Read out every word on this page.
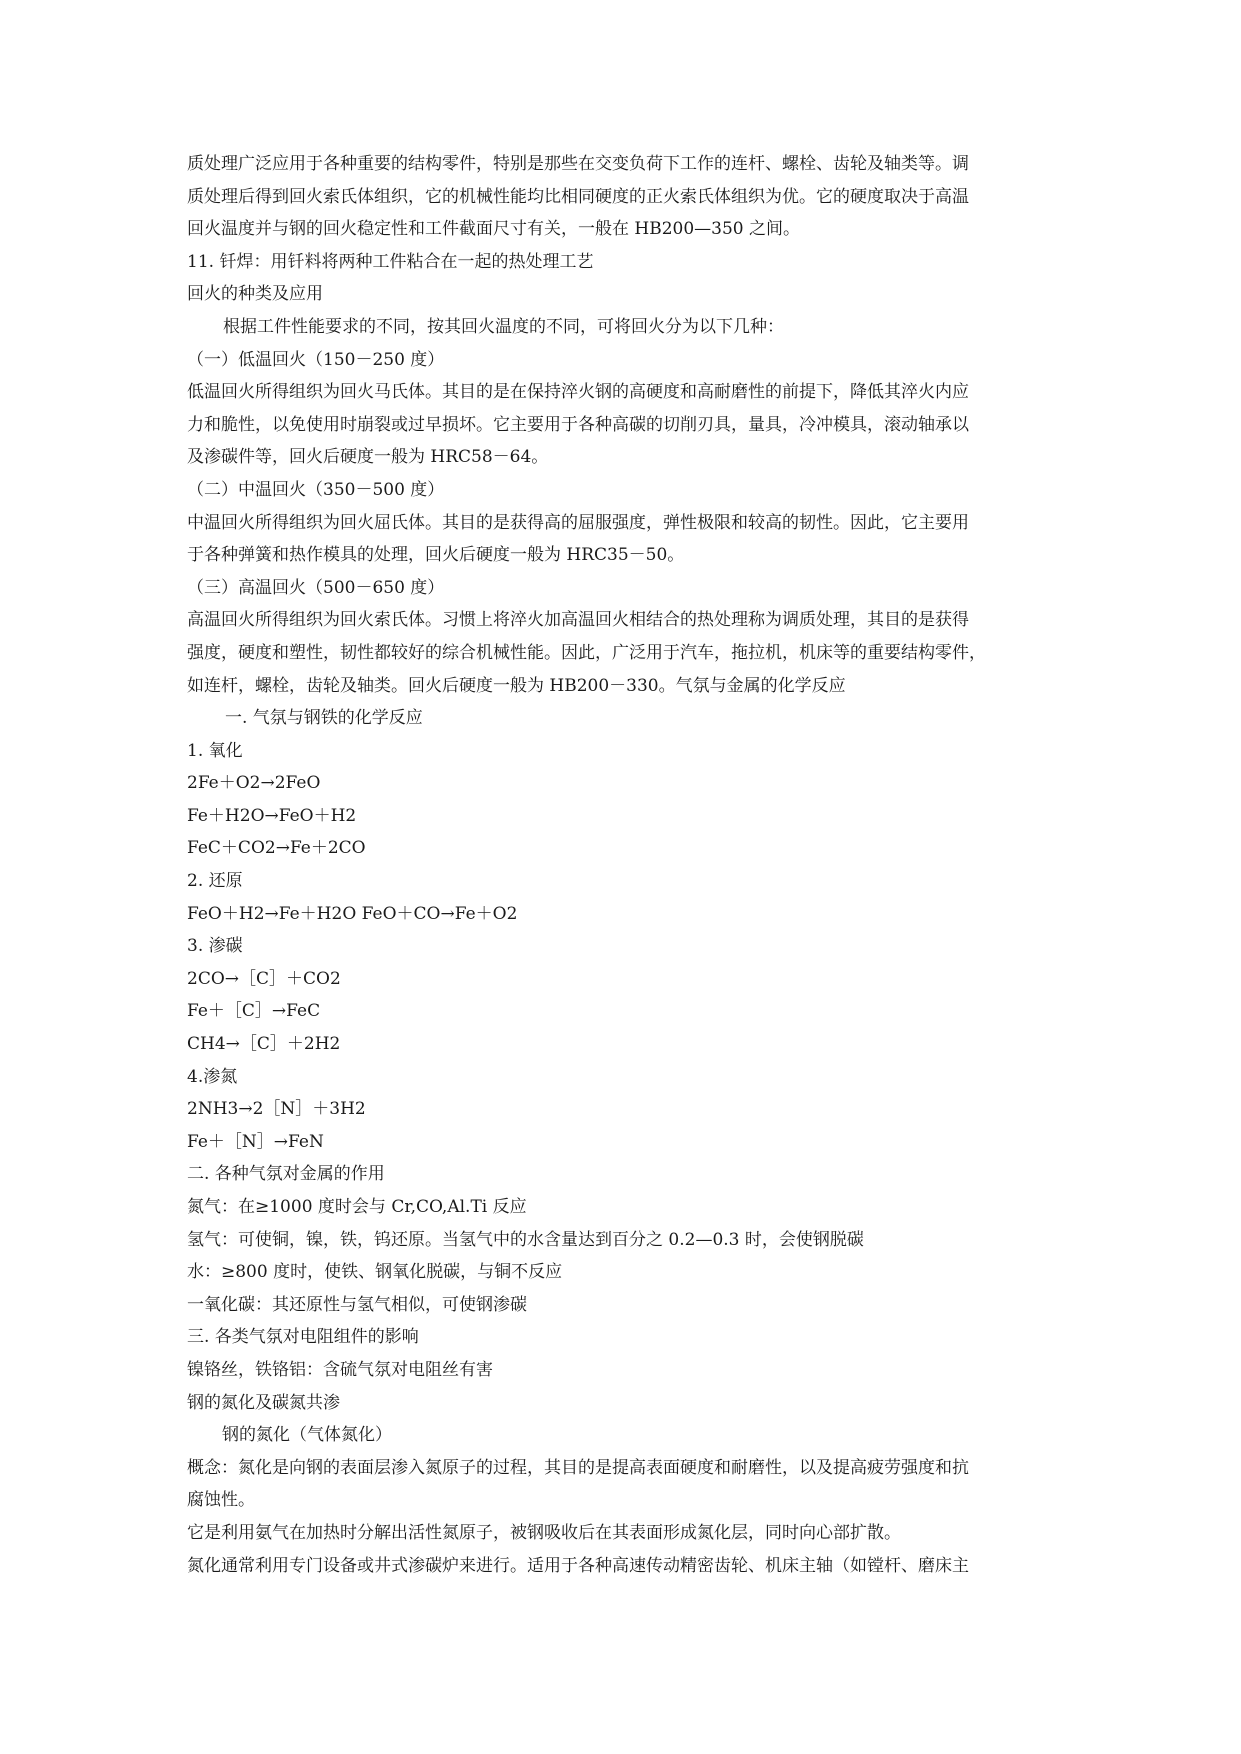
质处理广泛应用于各种重要的结构零件，特别是那些在交变负荷下工作的连杆、螺栓、齿轮及轴类等。调
质处理后得到回火索氏体组织，它的机械性能均比相同硬度的正火索氏体组织为优。它的硬度取决于高温
回火温度并与钢的回火稳定性和工件截面尺寸有关，一般在 HB200—350 之间。
11. 钎焊：用钎料将两种工件粘合在一起的热处理工艺
回火的种类及应用
根据工件性能要求的不同，按其回火温度的不同，可将回火分为以下几种：
（一）低温回火（150－250 度）
低温回火所得组织为回火马氏体。其目的是在保持淬火钢的高硬度和高耐磨性的前提下，降低其淬火内应
力和脆性，以免使用时崩裂或过早损坏。它主要用于各种高碳的切削刃具，量具，冷冲模具，滚动轴承以
及渗碳件等，回火后硬度一般为 HRC58－64。
（二）中温回火（350－500 度）
中温回火所得组织为回火屈氏体。其目的是获得高的屈服强度，弹性极限和较高的韧性。因此，它主要用
于各种弹簧和热作模具的处理，回火后硬度一般为 HRC35－50。
（三）高温回火（500－650 度）
高温回火所得组织为回火索氏体。习惯上将淬火加高温回火相结合的热处理称为调质处理，其目的是获得
强度，硬度和塑性，韧性都较好的综合机械性能。因此，广泛用于汽车，拖拉机，机床等的重要结构零件，
如连杆，螺栓，齿轮及轴类。回火后硬度一般为 HB200－330。气氛与金属的化学反应
一. 气氛与钢铁的化学反应
1. 氧化
2Fe＋O2→2FeO
Fe＋H2O→FeO＋H2
FeC＋CO2→Fe＋2CO
2. 还原
FeO＋H2→Fe＋H2O FeO＋CO→Fe＋O2
3. 渗碳
2CO→［C］＋CO2
Fe＋［C］→FeC
CH4→［C］＋2H2
4.渗氮
2NH3→2［N］＋3H2
Fe＋［N］→FeN
二. 各种气氛对金属的作用
氮气：在≥1000 度时会与 Cr,CO,Al.Ti 反应
氢气：可使铜，镍，铁，钨还原。当氢气中的水含量达到百分之 0.2—0.3 时，会使钢脱碳
水：≥800 度时，使铁、钢氧化脱碳，与铜不反应
一氧化碳：其还原性与氢气相似，可使钢渗碳
三. 各类气氛对电阻组件的影响
镍铬丝，铁铬铝：含硫气氛对电阻丝有害
钢的氮化及碳氮共渗
钢的氮化（气体氮化）
概念：氮化是向钢的表面层渗入氮原子的过程，其目的是提高表面硬度和耐磨性，以及提高疲劳强度和抗
腐蚀性。
它是利用氨气在加热时分解出活性氮原子，被钢吸收后在其表面形成氮化层，同时向心部扩散。
氮化通常利用专门设备或井式渗碳炉来进行。适用于各种高速传动精密齿轮、机床主轴（如镗杆、磨床主
